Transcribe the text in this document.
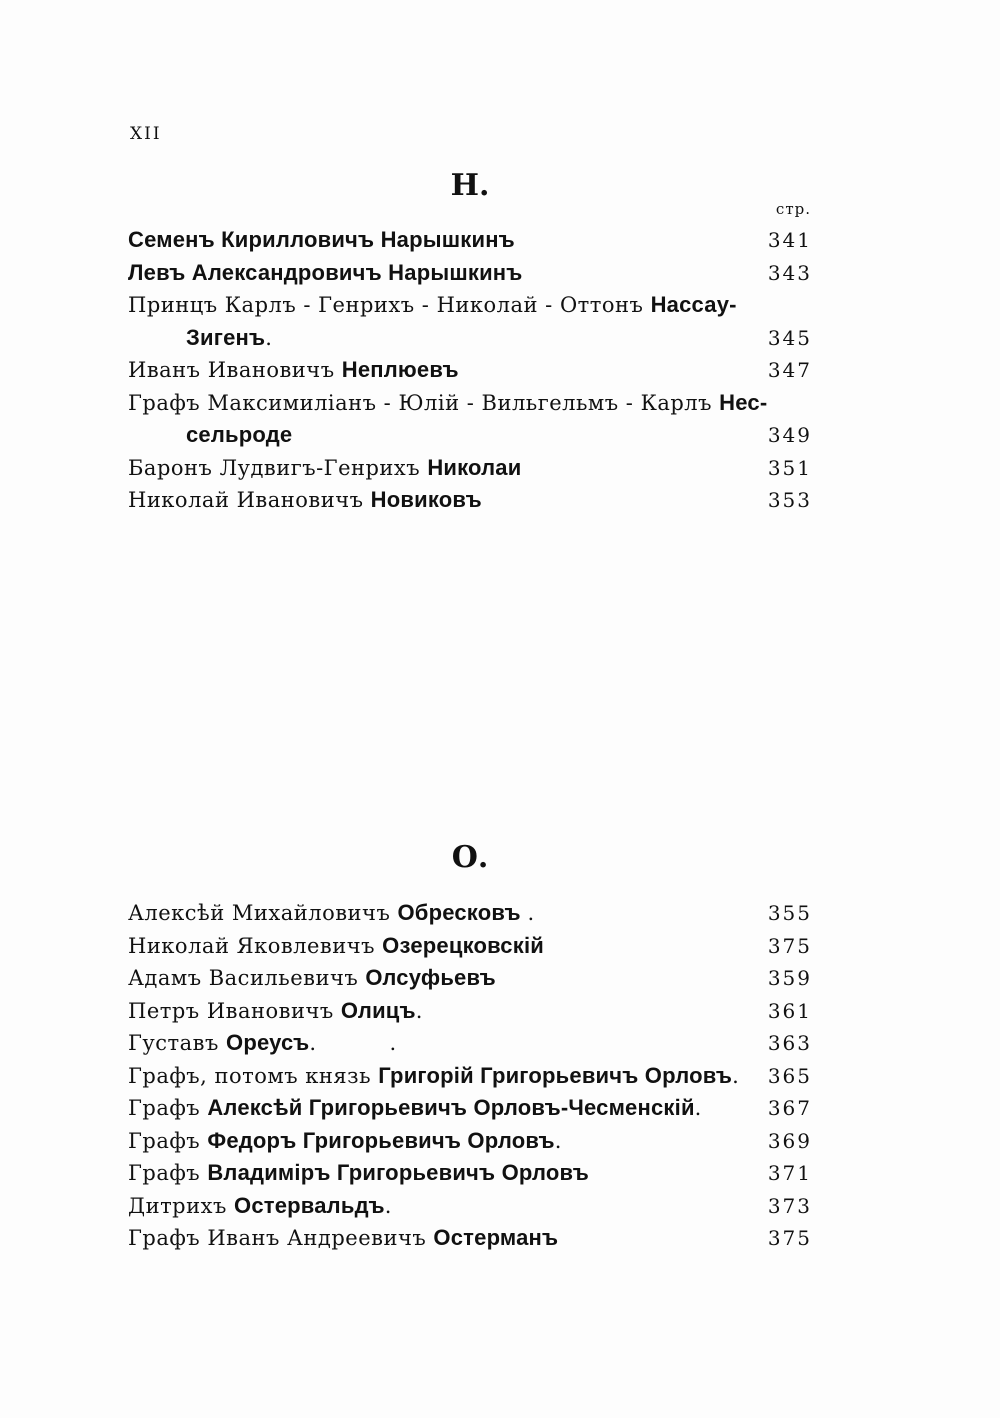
XII
Н.
стр.
Семенъ Кирилловичъ Нарышкинъ	341
Левъ Александровичъ Нарышкинъ	343
Принцъ Карлъ - Генрихъ - Николай - Оттонъ Нассау-
Зигенъ.	345
Иванъ Ивановичъ Неплюевъ	347
Графъ Максимиліанъ - Юлій - Вильгельмъ - Карлъ Нес-
сельроде	349
Баронъ Лудвигъ-Генрихъ Николаи	351
Николай Ивановичъ Новиковъ	353
О.
Алексѣй Михайловичъ Обресковъ .	355
Николай Яковлевичъ Озерецковскій	375
Адамъ Васильевичъ Олсуфьевъ	359
Петръ Ивановичъ Олицъ.	361
Густавъ Ореусъ.           .	363
Графъ, потомъ князь Григорій Григорьевичъ Орловъ. 365
Графъ Алексѣй Григорьевичъ Орловъ-Чесменскій.	367
Графъ Федоръ Григорьевичъ Орловъ.	369
Графъ Владиміръ Григорьевичъ Орловъ	371
Дитрихъ Остервальдъ.	373
Графъ Иванъ Андреевичъ Остерманъ	375
